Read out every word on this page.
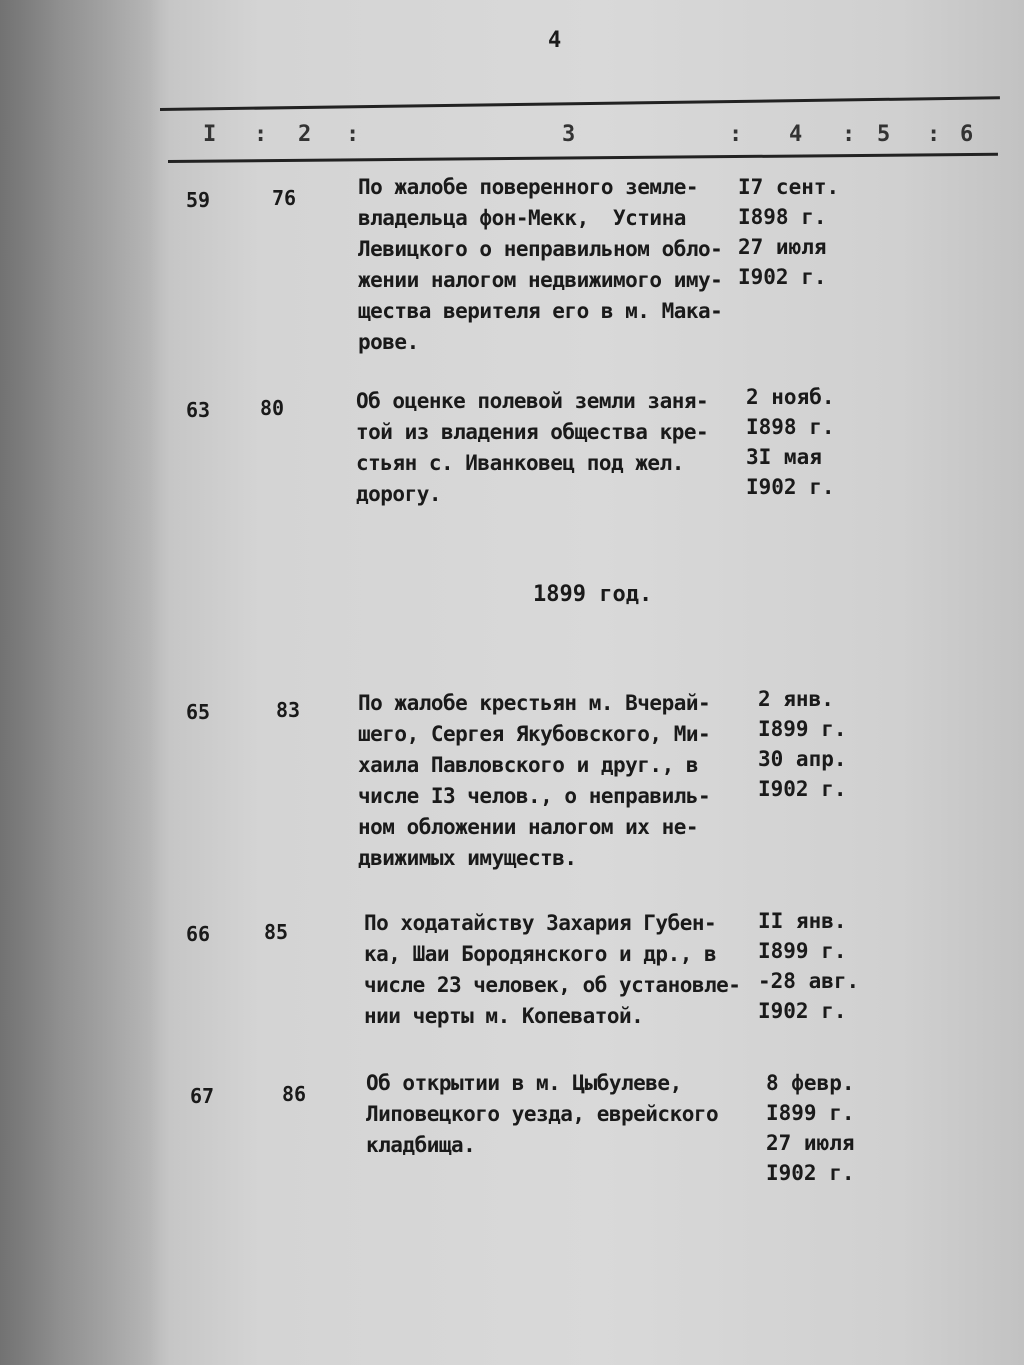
4
I : 2 :	3	: 4 : 5 : 6
59	76	По жалобе поверенного земле-
владельца фон-Мекк,  Устина
Левицкого о неправильном обло-
жении налогом недвижимого иму-
щества верителя его в м. Мака-
рове.
I7 сент.
I898 г.
27 июля
I902 г.
63 80	Об оценке полевой земли заня-
той из владения общества кре-
стьян с. Иванковец под жел.
дорогу.
2 нояб.
I898 г.
3I мая
I902 г.
1899 год.
65	83	По жалобе крестьян м. Вчерай-
шего, Сергея Якубовского, Ми-
хаила Павловского и друг., в
числе I3 челов., о неправиль-
ном обложении налогом их не-
движимых имуществ.
2 янв.
I899 г.
30 апр.
I902 г.
66	85	По ходатайству Захария Губен-
ка, Шаи Бородянского и др., в
числе 23 человек, об установле-
нии черты м. Копеватой.
II янв.
I899 г.
-28 авг.
I902 г.
67	86	Об открытии в м. Цыбулеве,
Липовецкого уезда, еврейского
кладбища.
8 февр.
I899 г.
27 июля
I902 г.
